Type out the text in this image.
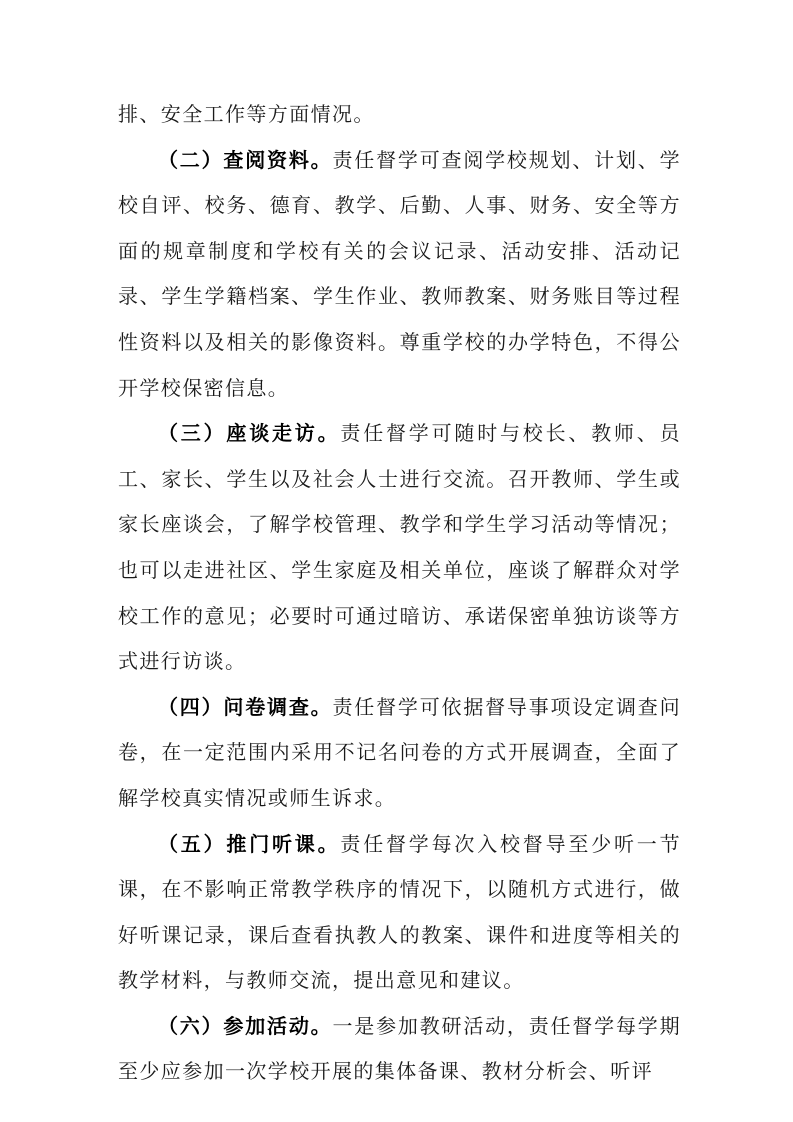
排、安全工作等方面情况。

（二）查阅资料。责任督学可查阅学校规划、计划、学校自评、校务、德育、教学、后勤、人事、财务、安全等方面的规章制度和学校有关的会议记录、活动安排、活动记录、学生学籍档案、学生作业、教师教案、财务账目等过程性资料以及相关的影像资料。尊重学校的办学特色，不得公开学校保密信息。

（三）座谈走访。责任督学可随时与校长、教师、员工、家长、学生以及社会人士进行交流。召开教师、学生或家长座谈会，了解学校管理、教学和学生学习活动等情况；也可以走进社区、学生家庭及相关单位，座谈了解群众对学校工作的意见；必要时可通过暗访、承诺保密单独访谈等方式进行访谈。

（四）问卷调查。责任督学可依据督导事项设定调查问卷，在一定范围内采用不记名问卷的方式开展调查，全面了解学校真实情况或师生诉求。

（五）推门听课。责任督学每次入校督导至少听一节课，在不影响正常教学秩序的情况下，以随机方式进行，做好听课记录，课后查看执教人的教案、课件和进度等相关的教学材料，与教师交流，提出意见和建议。

（六）参加活动。一是参加教研活动，责任督学每学期至少应参加一次学校开展的集体备课、教材分析会、听评
